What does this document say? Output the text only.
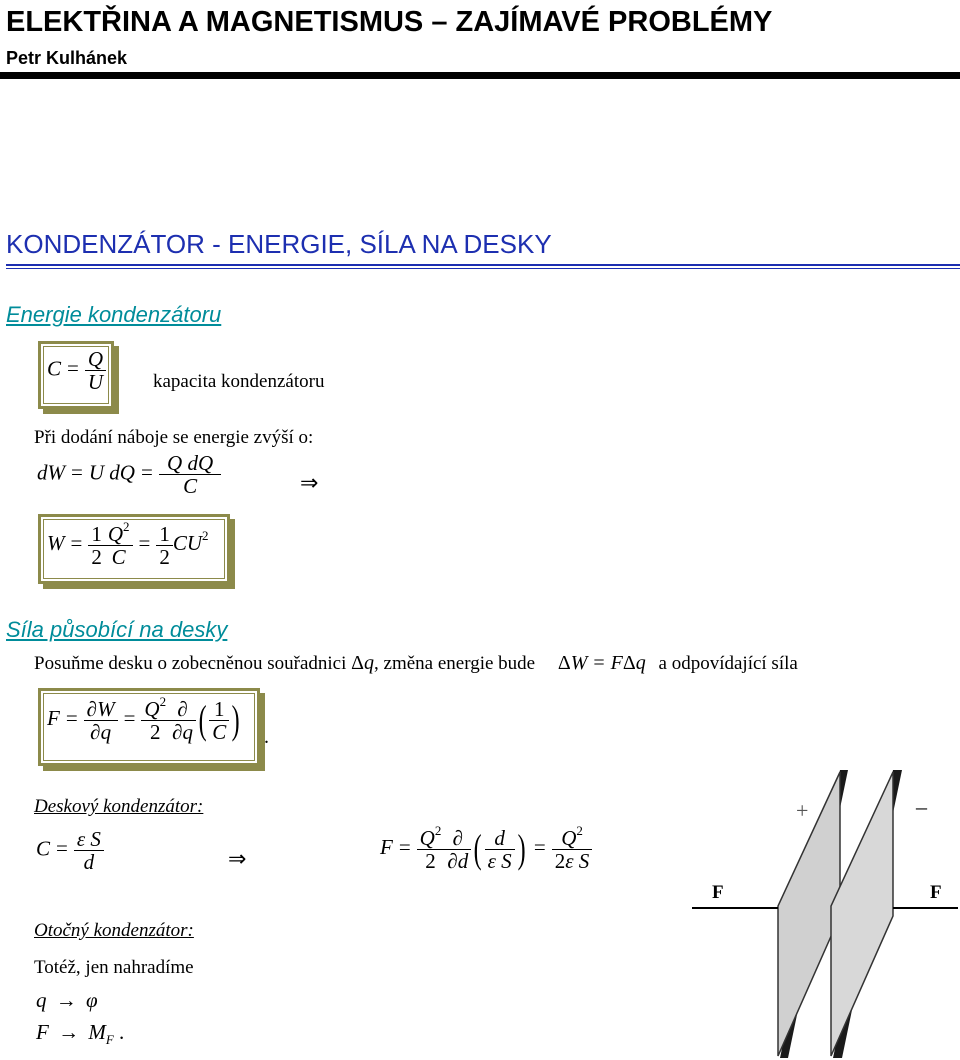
ELEKTŘINA A MAGNETISMUS – ZAJÍMAVÉ PROBLÉMY
Petr Kulhánek
KONDENZÁTOR - ENERGIE, SÍLA NA DESKY
Energie kondenzátoru
$C = \frac{Q}{U}$ kapacita kondenzátoru
Při dodání náboje se energie zvýší o:
dW = U dQ = $\frac{\text{Q dQ}}{C}$	⇒
$W = \frac{1}{2} \frac{Q^2}{C} = \frac{1}{2} CU^2$
Síla působící na desky
Posuňme desku o zobecněnou souřadnici Δq, změna energie bude ΔW = FΔq a odpovídající síla
$F = \frac{\partial W}{\partial q} = \frac{Q^2}{2} \frac{\partial}{\partial q}$ ( $\frac{1}{C}$ ) .
Deskový kondenzátor:
$C = \frac{\text{ε S}}{d}$	⇒	$F = \frac{Q^2}{2} \frac{\partial}{\partial d}$ ( $\frac{d}{\text{ε S}}$ ) = $\frac{Q^2}{\text{2ε S}}$
Otočný kondenzátor:
Totéž, jen nahradíme
q → φ
$F \to M_F$ .
+	–
F	F
